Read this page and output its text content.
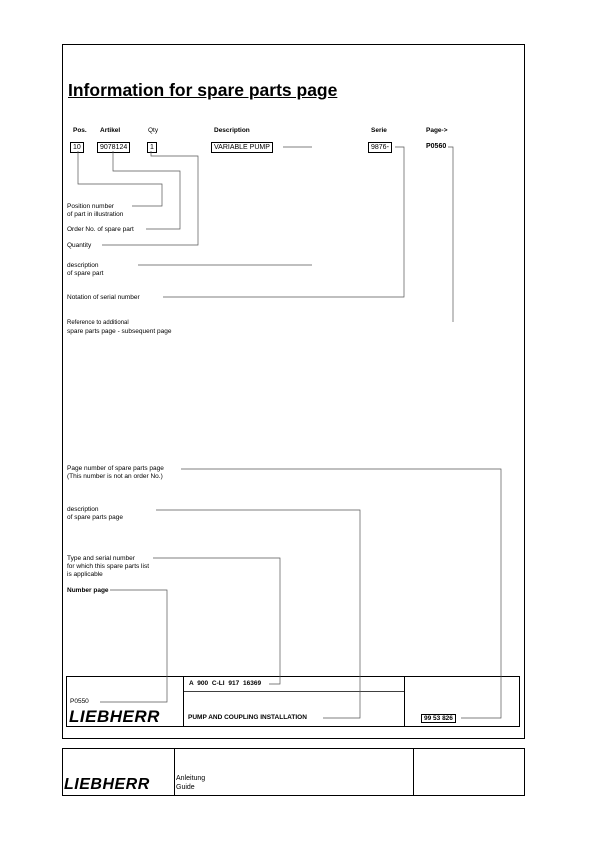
Information for spare parts page
Pos. Artikel	Qty	Description	Serie	Page->
10	9078124	1	VARIABLE PUMP	9876-	P0560
Position number
of part in illustration
Order No. of spare part
Quantity
description
of spare part
Notation of serial number
Reference to additional
spare parts page - subsequent page
Page number of spare parts page
(This number is not an order No.)
description
of spare parts page
Type and serial number
for which this spare parts list
is applicable
Number page
P0550
LIEBHERR
A 900 C-LI 917 16369
PUMP AND COUPLING INSTALLATION	99 53 826
LIEBHERR	Anleitung
Guide
